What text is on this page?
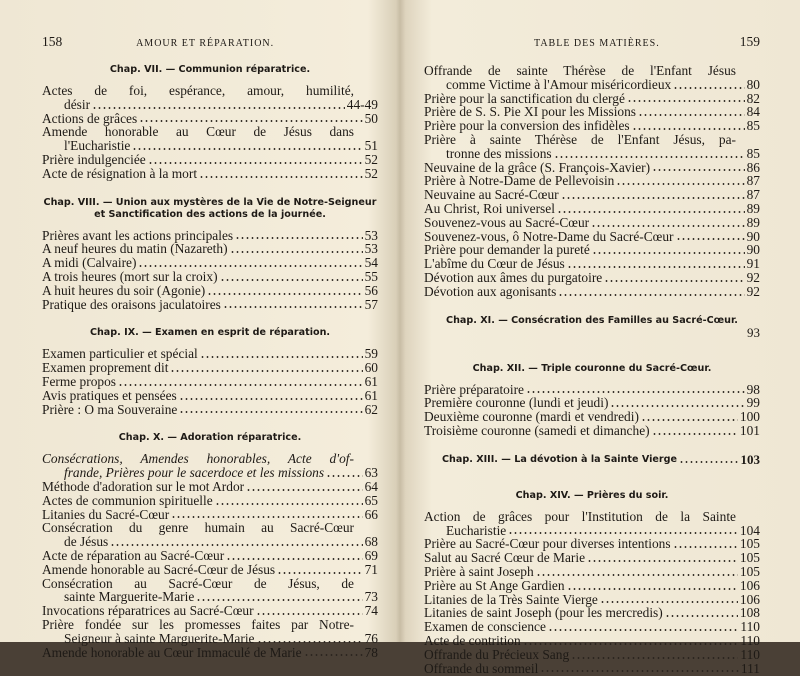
158	AMOUR ET RÉPARATION.
Chap. VII. — Communion réparatrice.
Actes de foi, espérance, amour, humilité,
désir	44-49
Actions de grâces	50
Amende honorable au Cœur de Jésus dans
l'Eucharistie	51
Prière indulgenciée	52
Acte de résignation à la mort	52
Chap. VIII. — Union aux mystères de la Vie de Notre-Seigneur et Sanctification des actions de la journée.
Prières avant les actions principales	53
A neuf heures du matin (Nazareth)	53
A midi (Calvaire)	54
A trois heures (mort sur la croix)	55
A huit heures du soir (Agonie)	56
Pratique des oraisons jaculatoires	57
Chap. IX. — Examen en esprit de réparation.
Examen particulier et spécial	59
Examen proprement dit	60
Ferme propos	61
Avis pratiques et pensées	61
Prière : O ma Souveraine	62
Chap. X. — Adoration réparatrice.
Consécrations, Amendes honorables, Acte d'of-
frande, Prières pour le sacerdoce et les missions	63
Méthode d'adoration sur le mot Ardor	64
Actes de communion spirituelle	65
Litanies du Sacré-Cœur	66
Consécration du genre humain au Sacré-Cœur
de Jésus	68
Acte de réparation au Sacré-Cœur	69
Amende honorable au Sacré-Cœur de Jésus	71
Consécration au Sacré-Cœur de Jésus, de
sainte Marguerite-Marie	73
Invocations réparatrices au Sacré-Cœur	74
Prière fondée sur les promesses faites par Notre-
Seigneur à sainte Marguerite-Marie	76
Amende honorable au Cœur Immaculé de Marie	78
TABLE DES MATIÈRES.	159
Offrande de sainte Thérèse de l'Enfant Jésus
comme Victime à l'Amour miséricordieux	80
Prière pour la sanctification du clergé	82
Prière de S. S. Pie XI pour les Missions	84
Prière pour la conversion des infidèles	85
Prière à sainte Thérèse de l'Enfant Jésus, pa-
tronne des missions	85
Neuvaine de la grâce (S. François-Xavier)	86
Prière à Notre-Dame de Pellevoisin	87
Neuvaine au Sacré-Cœur	87
Au Christ, Roi universel	89
Souvenez-vous au Sacré-Cœur	89
Souvenez-vous, ô Notre-Dame du Sacré-Cœur	90
Prière pour demander la pureté	90
L'abîme du Cœur de Jésus	91
Dévotion aux âmes du purgatoire	92
Dévotion aux agonisants	92
Chap. XI. — Consécration des Familles au Sacré-Cœur.
93
Chap. XII. — Triple couronne du Sacré-Cœur.
Prière préparatoire	98
Première couronne (lundi et jeudi)	99
Deuxième couronne (mardi et vendredi)	100
Troisième couronne (samedi et dimanche)	101
Chap. XIII. — La dévotion à la Sainte Vierge	103
Chap. XIV. — Prières du soir.
Action de grâces pour l'Institution de la Sainte
Eucharistie	104
Prière au Sacré-Cœur pour diverses intentions	105
Salut au Sacré Cœur de Marie	105
Prière à saint Joseph	105
Prière au St Ange Gardien	106
Litanies de la Très Sainte Vierge	106
Litanies de saint Joseph (pour les mercredis)	108
Examen de conscience	110
Acte de contrition	110
Offrande du Précieux Sang	110
Offrande du sommeil	111
